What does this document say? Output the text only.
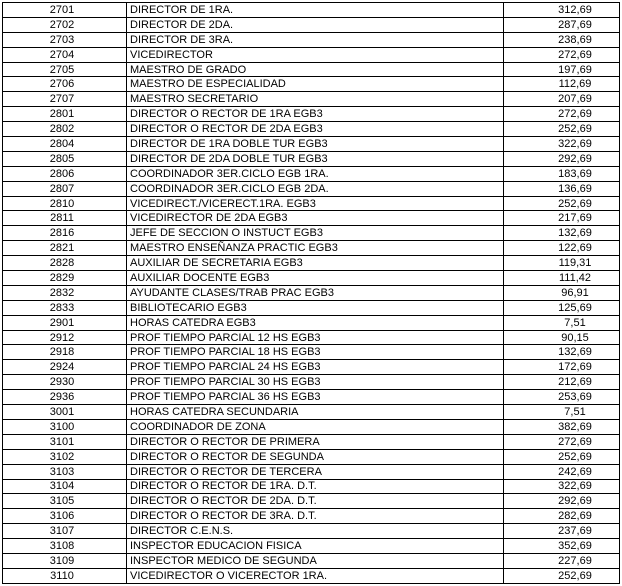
2701	DIRECTOR DE 1RA.	312,69
2702	DIRECTOR DE 2DA.	287,69
2703	DIRECTOR DE 3RA.	238,69
2704	VICEDIRECTOR	272,69
2705	MAESTRO DE GRADO	197,69
2706	MAESTRO DE ESPECIALIDAD	112,69
2707	MAESTRO SECRETARIO	207,69
2801	DIRECTOR O RECTOR DE 1RA EGB3	272,69
2802	DIRECTOR O RECTOR DE 2DA EGB3	252,69
2804	DIRECTOR DE 1RA DOBLE TUR EGB3	322,69
2805	DIRECTOR DE 2DA DOBLE TUR EGB3	292,69
2806	COORDINADOR 3ER.CICLO EGB 1RA.	183,69
2807	COORDINADOR 3ER.CICLO EGB 2DA.	136,69
2810	VICEDIRECT./VICERECT.1RA. EGB3	252,69
2811	VICEDIRECTOR DE 2DA EGB3	217,69
2816	JEFE DE SECCION O INSTUCT EGB3	132,69
2821	MAESTRO ENSEÑANZA PRACTIC EGB3	122,69
2828	AUXILIAR DE SECRETARIA EGB3	119,31
2829	AUXILIAR DOCENTE EGB3	111,42
2832	AYUDANTE CLASES/TRAB PRAC EGB3	96,91
2833	BIBLIOTECARIO EGB3	125,69
2901	HORAS CATEDRA EGB3	7,51
2912	PROF TIEMPO PARCIAL 12 HS EGB3	90,15
2918	PROF TIEMPO PARCIAL 18 HS EGB3	132,69
2924	PROF TIEMPO PARCIAL 24 HS EGB3	172,69
2930	PROF TIEMPO PARCIAL 30 HS EGB3	212,69
2936	PROF TIEMPO PARCIAL 36 HS EGB3	253,69
3001	HORAS CATEDRA SECUNDARIA	7,51
3100	COORDINADOR DE ZONA	382,69
3101	DIRECTOR O RECTOR DE PRIMERA	272,69
3102	DIRECTOR O RECTOR DE SEGUNDA	252,69
3103	DIRECTOR O RECTOR DE TERCERA	242,69
3104	DIRECTOR O RECTOR DE 1RA. D.T.	322,69
3105	DIRECTOR O RECTOR DE 2DA. D.T.	292,69
3106	DIRECTOR O RECTOR DE 3RA. D.T.	282,69
3107	DIRECTOR C.E.N.S.	237,69
3108	INSPECTOR EDUCACION FISICA	352,69
3109	INSPECTOR MEDICO DE SEGUNDA	227,69
3110	VICEDIRECTOR O VICERECTOR 1RA.	252,69
